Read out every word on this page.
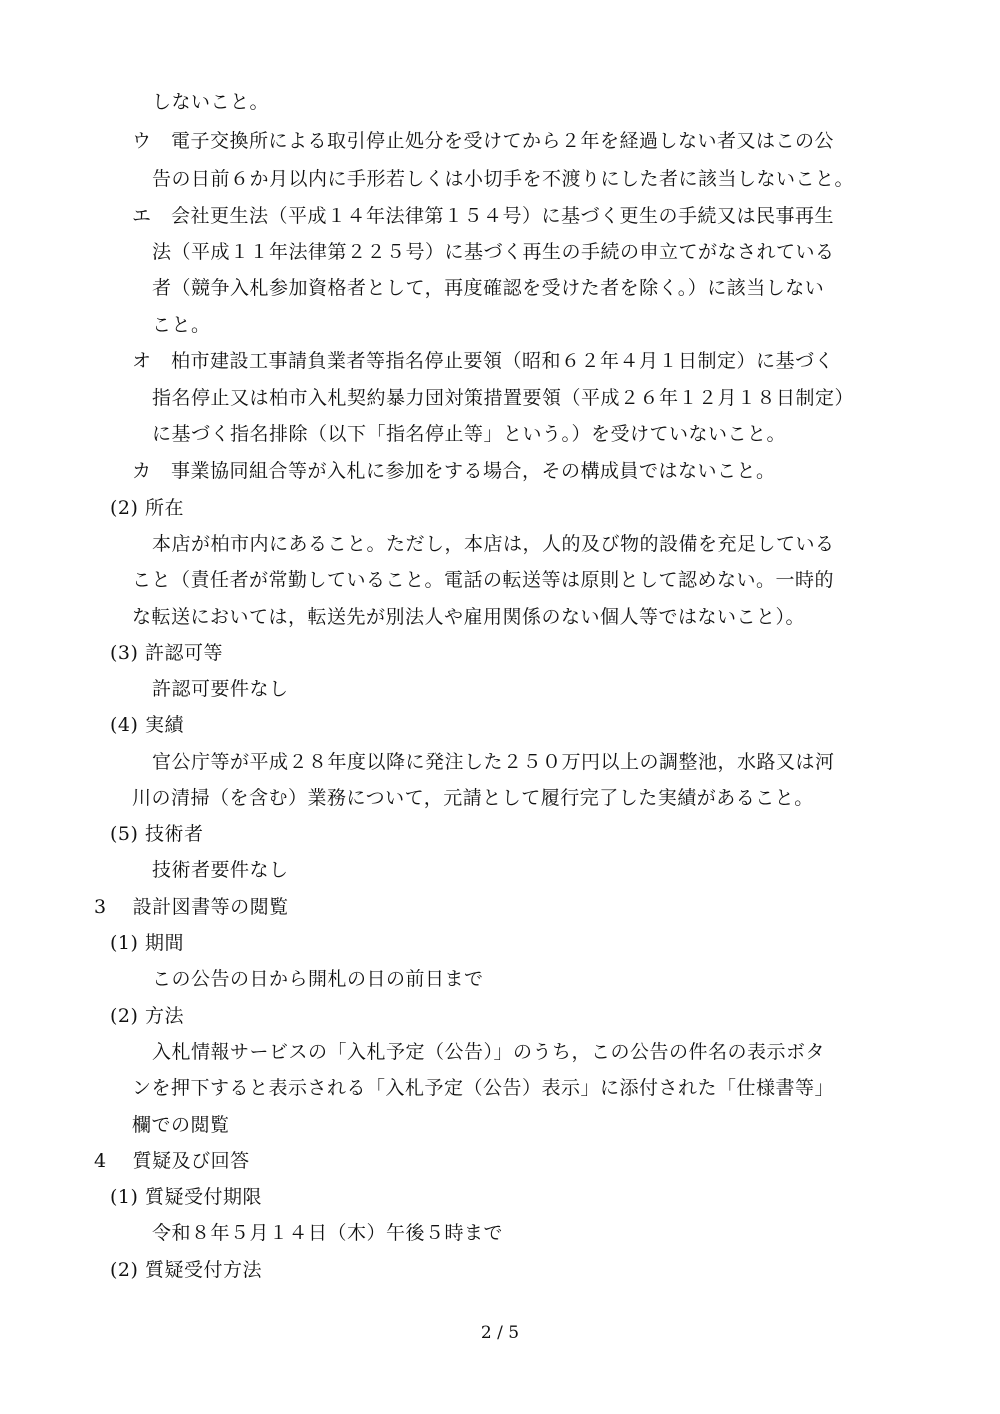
しないこと。
ウ　電子交換所による取引停止処分を受けてから２年を経過しない者又はこの公
告の日前６か月以内に手形若しくは小切手を不渡りにした者に該当しないこと。
エ　会社更生法（平成１４年法律第１５４号）に基づく更生の手続又は民事再生
法（平成１１年法律第２２５号）に基づく再生の手続の申立てがなされている
者（競争入札参加資格者として，再度確認を受けた者を除く。）に該当しない
こと。
オ　柏市建設工事請負業者等指名停止要領（昭和６２年４月１日制定）に基づく
指名停止又は柏市入札契約暴力団対策措置要領（平成２６年１２月１８日制定）
に基づく指名排除（以下「指名停止等」という。）を受けていないこと。
カ　事業協同組合等が入札に参加をする場合，その構成員ではないこと。
(2) 所在
本店が柏市内にあること。ただし，本店は，人的及び物的設備を充足している
こと（責任者が常勤していること。電話の転送等は原則として認めない。一時的
な転送においては，転送先が別法人や雇用関係のない個人等ではないこと）。
(3) 許認可等
許認可要件なし
(4) 実績
官公庁等が平成２８年度以降に発注した２５０万円以上の調整池，水路又は河
川の清掃（を含む）業務について，元請として履行完了した実績があること。
(5) 技術者
技術者要件なし
3　 設計図書等の閲覧
(1) 期間
この公告の日から開札の日の前日まで
(2) 方法
入札情報サービスの「入札予定（公告）」のうち，この公告の件名の表示ボタ
ンを押下すると表示される「入札予定（公告）表示」に添付された「仕様書等」
欄での閲覧
4　 質疑及び回答
(1) 質疑受付期限
令和８年５月１４日（木）午後５時まで
(2) 質疑受付方法
2 / 5
